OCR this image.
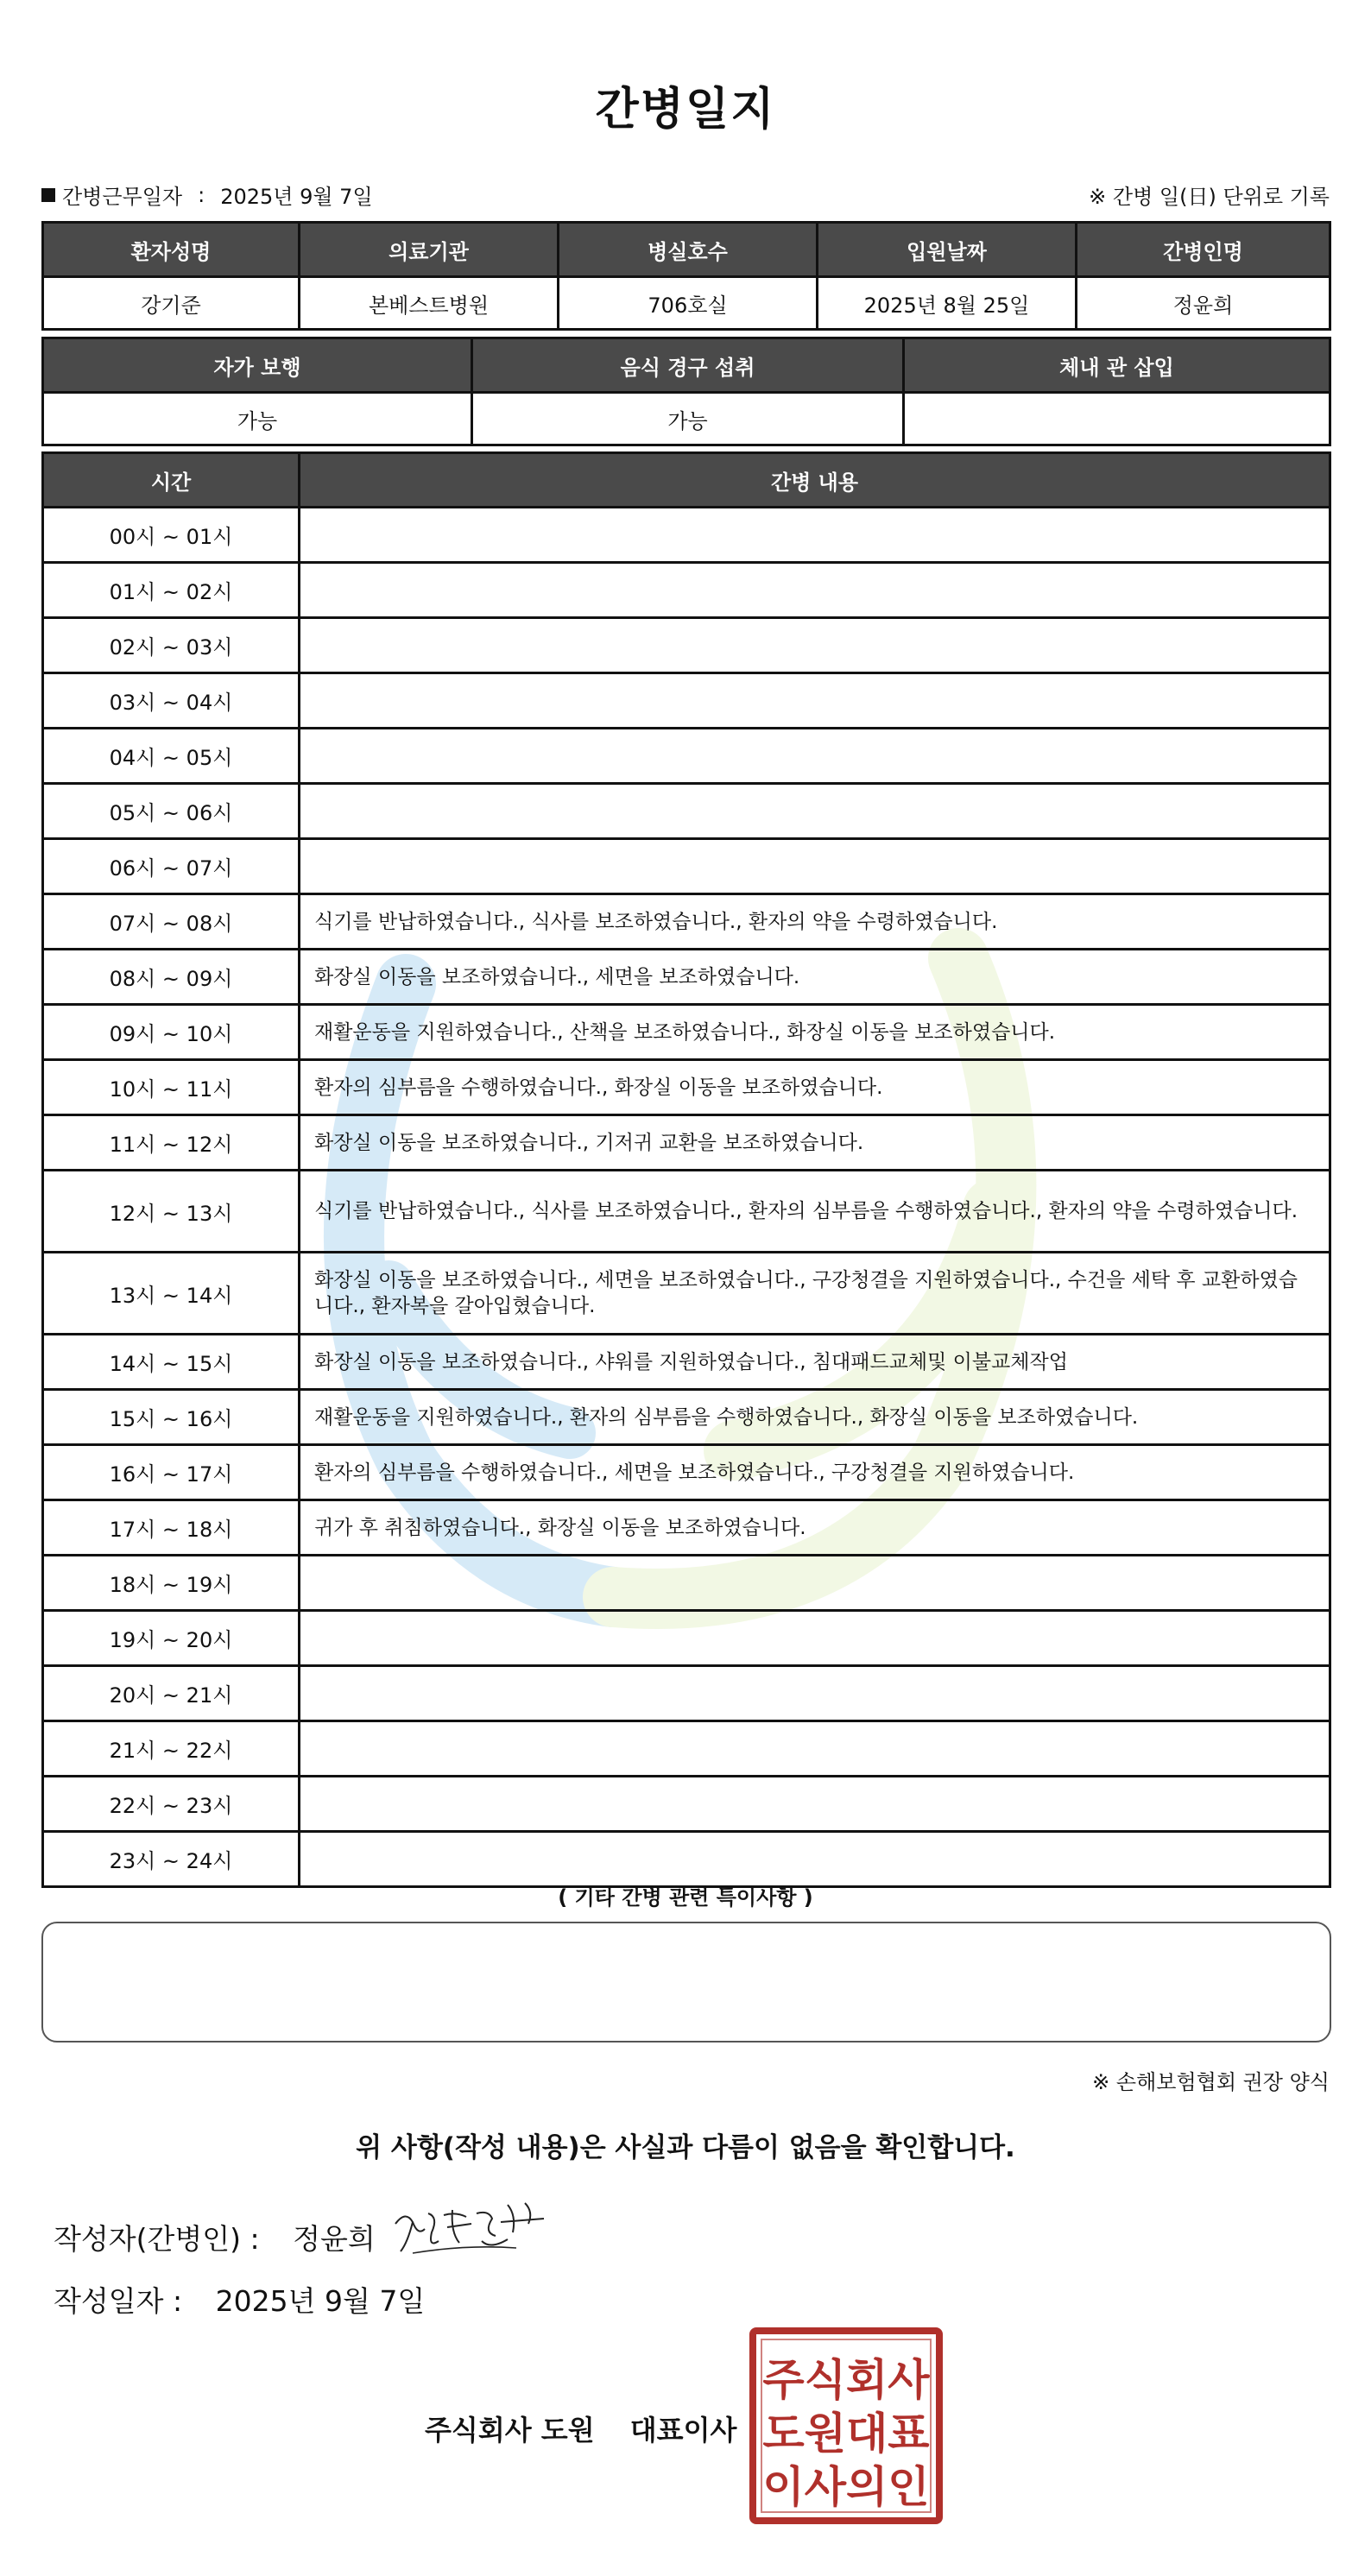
간병일지
간병근무일자 : 2025년 9월 7일	※ 간병 일(日) 단위로 기록
환자성명	의료기관	병실호수	입원날짜	간병인명
강기준	본베스트병원	706호실	2025년 8월 25일	정윤희
자가 보행	음식 경구 섭취	체내 관 삽입
가능	가능	
시간	간병 내용
00시 ~ 01시	
01시 ~ 02시	
02시 ~ 03시	
03시 ~ 04시	
04시 ~ 05시	
05시 ~ 06시	
06시 ~ 07시	
07시 ~ 08시	식기를 반납하였습니다., 식사를 보조하였습니다., 환자의 약을 수령하였습니다.
08시 ~ 09시	화장실 이동을 보조하였습니다., 세면을 보조하였습니다.
09시 ~ 10시	재활운동을 지원하였습니다., 산책을 보조하였습니다., 화장실 이동을 보조하였습니다.
10시 ~ 11시	환자의 심부름을 수행하였습니다., 화장실 이동을 보조하였습니다.
11시 ~ 12시	화장실 이동을 보조하였습니다., 기저귀 교환을 보조하였습니다.
12시 ~ 13시	식기를 반납하였습니다., 식사를 보조하였습니다., 환자의 심부름을 수행하였습니다., 환자의 약을 수령하였습니다.
13시 ~ 14시	화장실 이동을 보조하였습니다., 세면을 보조하였습니다., 구강청결을 지원하였습니다., 수건을 세탁 후 교환하였습니다., 환자복을 갈아입혔습니다.
14시 ~ 15시	화장실 이동을 보조하였습니다., 샤워를 지원하였습니다., 침대패드교체및 이불교체작업
15시 ~ 16시	재활운동을 지원하였습니다., 환자의 심부름을 수행하였습니다., 화장실 이동을 보조하였습니다.
16시 ~ 17시	환자의 심부름을 수행하였습니다., 세면을 보조하였습니다., 구강청결을 지원하였습니다.
17시 ~ 18시	귀가 후 취침하였습니다., 화장실 이동을 보조하였습니다.
18시 ~ 19시	
19시 ~ 20시	
20시 ~ 21시	
21시 ~ 22시	
22시 ~ 23시	
23시 ~ 24시	
( 기타 간병 관련 특이사항 )
※ 손해보험협회 권장 양식
위 사항(작성 내용)은 사실과 다름이 없음을 확인합니다.
작성자(간병인) : 정윤희
작성일자 : 2025년 9월 7일
주식회사 도원 대표이사
주식회사
도원대표
이사의인
